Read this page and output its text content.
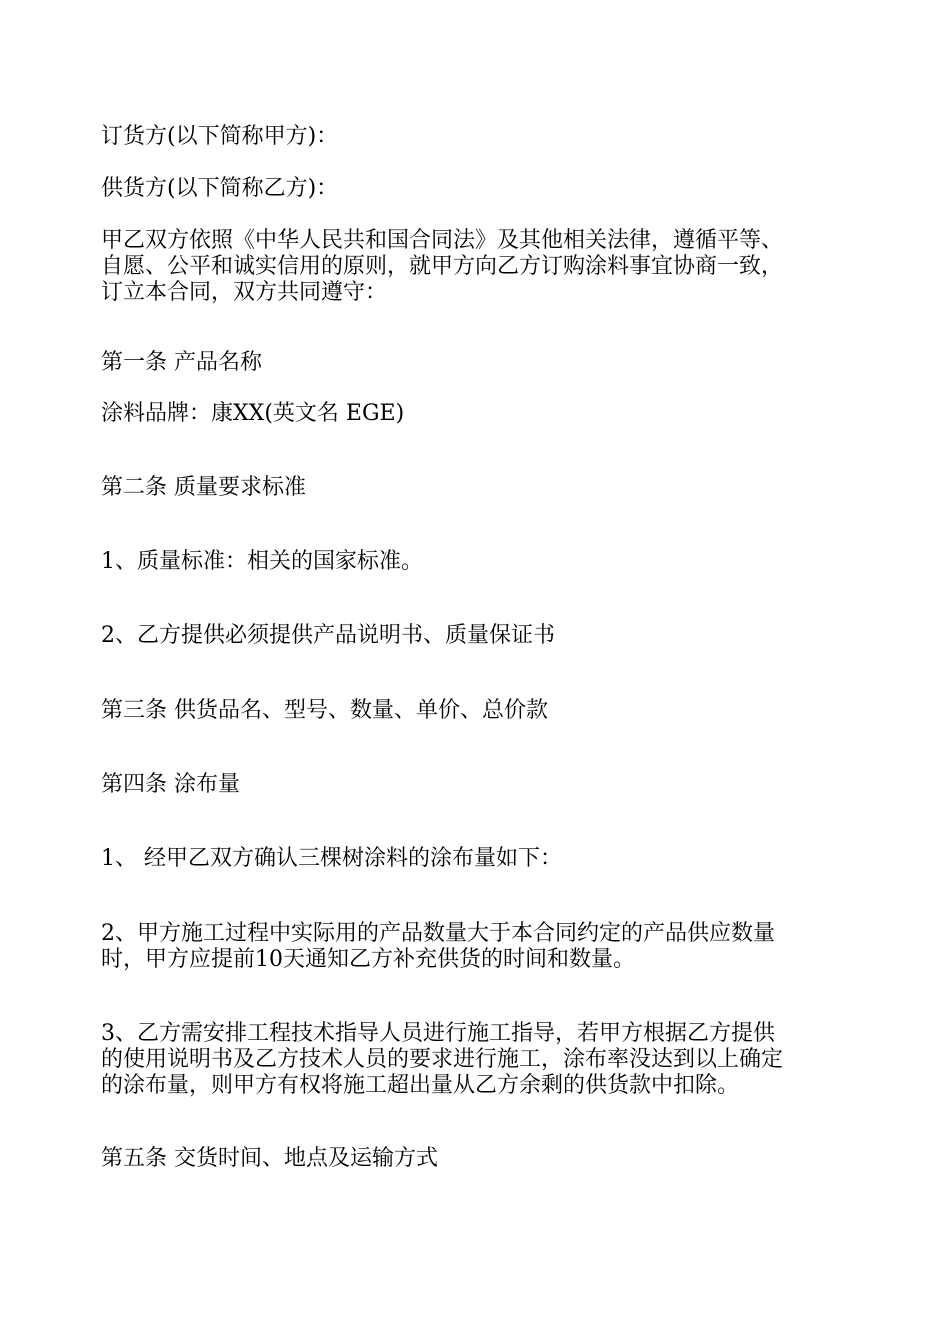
订货方(以下简称甲方)：

供货方(以下简称乙方)：

甲乙双方依照《中华人民共和国合同法》及其他相关法律，遵循平等、

自愿、公平和诚实信用的原则，就甲方向乙方订购涂料事宜协商一致，

订立本合同，双方共同遵守：

第一条 产品名称

涂料品牌：康XX(英文名 EGE)

第二条 质量要求标准

1、质量标准：相关的国家标准。

2、乙方提供必须提供产品说明书、质量保证书

第三条 供货品名、型号、数量、单价、总价款

第四条 涂布量

1、 经甲乙双方确认三棵树涂料的涂布量如下：

2、甲方施工过程中实际用的产品数量大于本合同约定的产品供应数量

时，甲方应提前10天通知乙方补充供货的时间和数量。

3、乙方需安排工程技术指导人员进行施工指导，若甲方根据乙方提供

的使用说明书及乙方技术人员的要求进行施工，涂布率没达到以上确定

的涂布量，则甲方有权将施工超出量从乙方余剩的供货款中扣除。

第五条 交货时间、地点及运输方式
